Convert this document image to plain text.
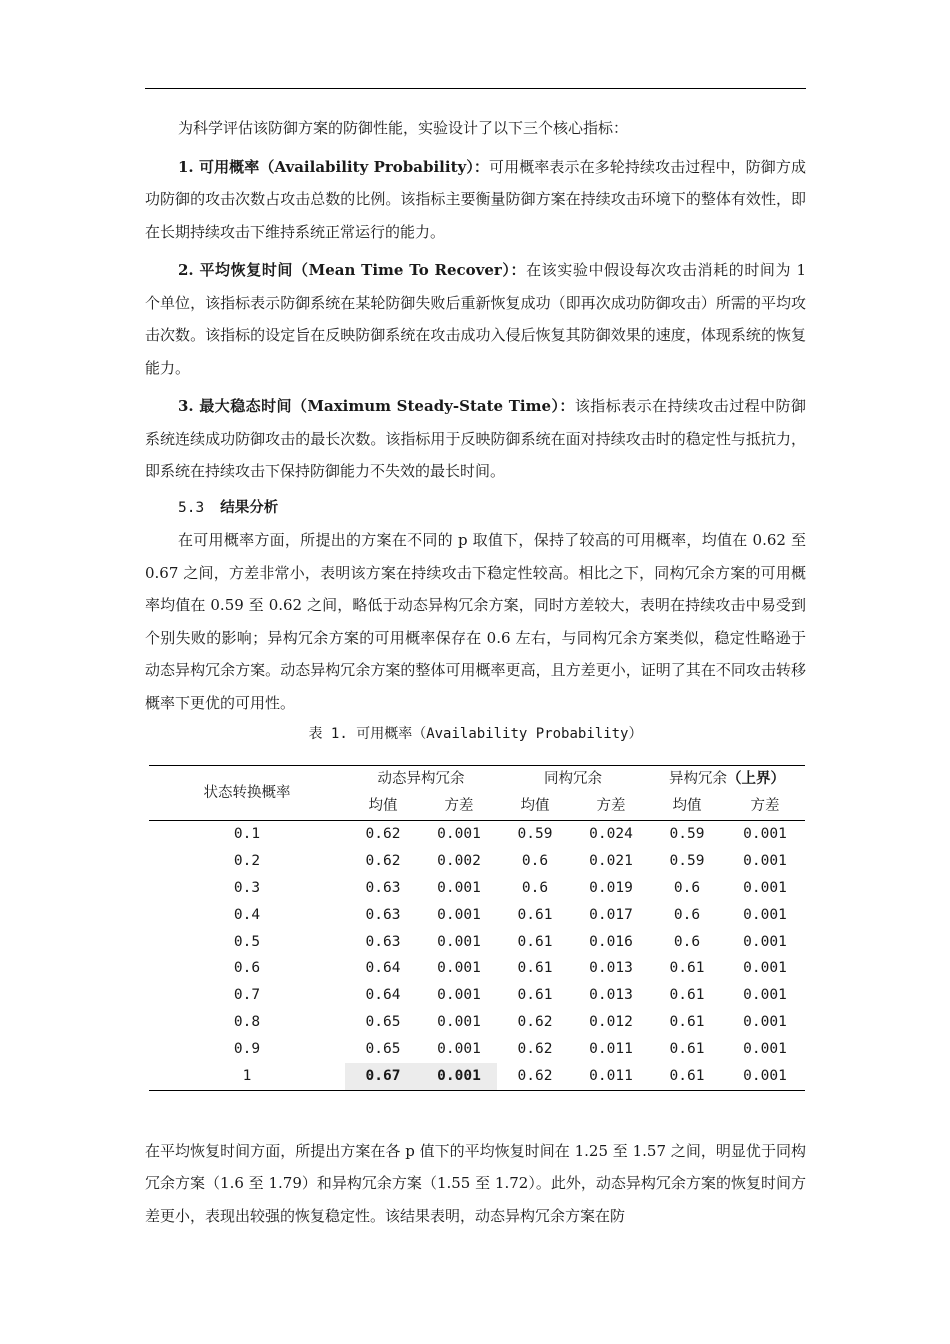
为科学评估该防御方案的防御性能，实验设计了以下三个核心指标：

1. 可用概率（Availability Probability）：可用概率表示在多轮持续攻击过程中，防御方成功防御的攻击次数占攻击总数的比例。该指标主要衡量防御方案在持续攻击环境下的整体有效性，即在长期持续攻击下维持系统正常运行的能力。

2. 平均恢复时间（Mean Time To Recover）：在该实验中假设每次攻击消耗的时间为 1 个单位，该指标表示防御系统在某轮防御失败后重新恢复成功（即再次成功防御攻击）所需的平均攻击次数。该指标的设定旨在反映防御系统在攻击成功入侵后恢复其防御效果的速度，体现系统的恢复能力。

3. 最大稳态时间（Maximum Steady-State Time）：该指标表示在持续攻击过程中防御系统连续成功防御攻击的最长次数。该指标用于反映防御系统在面对持续攻击时的稳定性与抵抗力，即系统在持续攻击下保持防御能力不失效的最长时间。

5.3 结果分析

在可用概率方面，所提出的方案在不同的 p 取值下，保持了较高的可用概率，均值在 0.62 至 0.67 之间，方差非常小，表明该方案在持续攻击下稳定性较高。相比之下，同构冗余方案的可用概率均值在 0.59 至 0.62 之间，略低于动态异构冗余方案，同时方差较大，表明在持续攻击中易受到个别失败的影响；异构冗余方案的可用概率保存在 0.6 左右，与同构冗余方案类似，稳定性略逊于动态异构冗余方案。动态异构冗余方案的整体可用概率更高，且方差更小，证明了其在不同攻击转移概率下更优的可用性。

表 1. 可用概率（Availability Probability）
状态转换概率	动态异构冗余		同构冗余		异构冗余（上界）	
	均值	方差	均值	方差	均值	方差
0.1	0.62	0.001	0.59	0.024	0.59	0.001
0.2	0.62	0.002	0.6	0.021	0.59	0.001
0.3	0.63	0.001	0.6	0.019	0.6	0.001
0.4	0.63	0.001	0.61	0.017	0.6	0.001
0.5	0.63	0.001	0.61	0.016	0.6	0.001
0.6	0.64	0.001	0.61	0.013	0.61	0.001
0.7	0.64	0.001	0.61	0.013	0.61	0.001
0.8	0.65	0.001	0.62	0.012	0.61	0.001
0.9	0.65	0.001	0.62	0.011	0.61	0.001
1	0.67	0.001	0.62	0.011	0.61	0.001

在平均恢复时间方面，所提出方案在各 p 值下的平均恢复时间在 1.25 至 1.57 之间，明显优于同构冗余方案（1.6 至 1.79）和异构冗余方案（1.55 至 1.72）。此外，动态异构冗余方案的恢复时间方差更小，表现出较强的恢复稳定性。该结果表明，动态异构冗余方案在防
